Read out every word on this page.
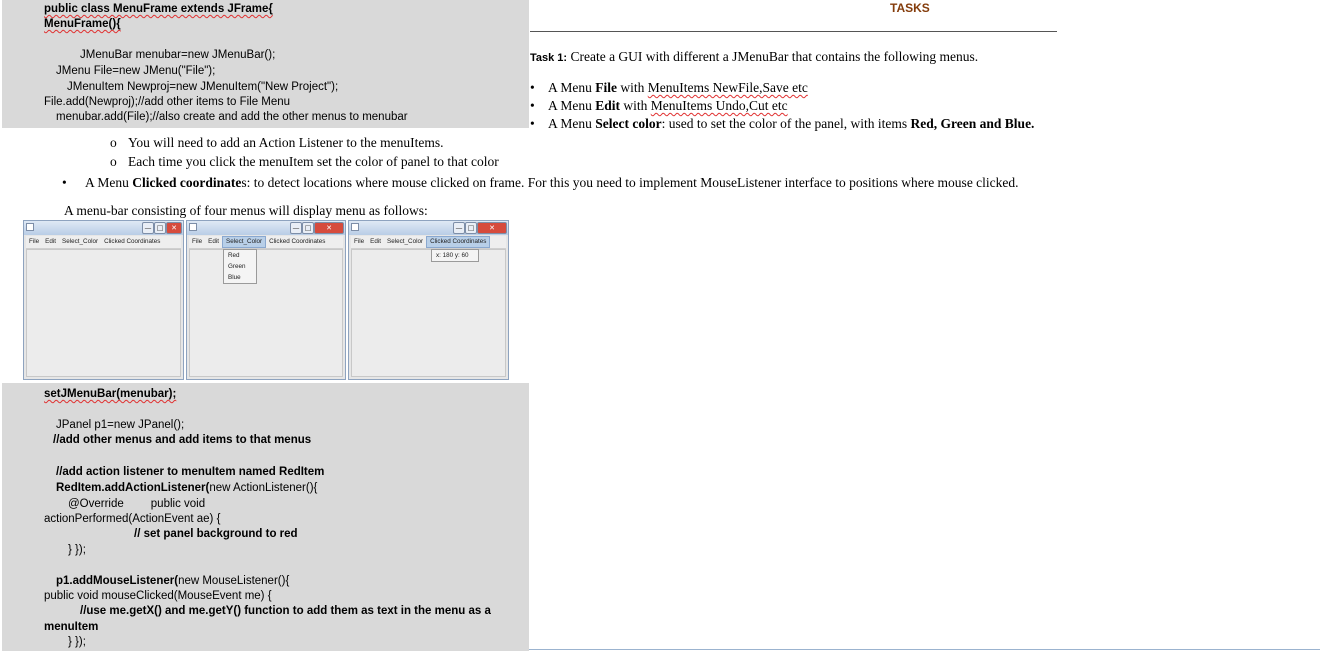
public class MenuFrame extends JFrame{
MenuFrame(){
JMenuBar menubar=new JMenuBar();
JMenu File=new JMenu("File");
JMenuItem Newproj=new JMenuItem("New Project");
File.add(Newproj);//add other items to File Menu
menubar.add(File);//also create and add the other menus to menubar
TASKS
Task 1: Create a GUI with different a JMenuBar that contains the following menus.
• A Menu File with MenuItems NewFile,Save etc
• A Menu Edit with MenuItems Undo,Cut etc
• A Menu Select color: used to set the color of the panel, with items Red, Green and Blue.
o You will need to add an Action Listener to the menuItems.
o Each time you click the menuItem set the color of panel to that color
• A Menu Clicked coordinates: to detect locations where mouse clicked on frame. For this you need to implement MouseListener interface to positions where mouse clicked.
A menu-bar consisting of four menus will display menu as follows:
— □	✕
File Edit Select_Color Clicked Coordinates
— □	✕
File Edit Select_Color Clicked Coordinates
Red
Green
Blue
— □	✕
File Edit Select_Color Clicked Coordinates
x: 180 y: 60
setJMenuBar(menubar);
JPanel p1=new JPanel();
//add other menus and add items to that menus
//add action listener to menuItem named RedItem
RedItem.addActionListener(new ActionListener(){
@Override public void
actionPerformed(ActionEvent ae) {
// set panel background to red
} });
p1.addMouseListener(new MouseListener(){
public void mouseClicked(MouseEvent me) {
//use me.getX() and me.getY() function to add them as text in the menu as a
menuItem
} });
